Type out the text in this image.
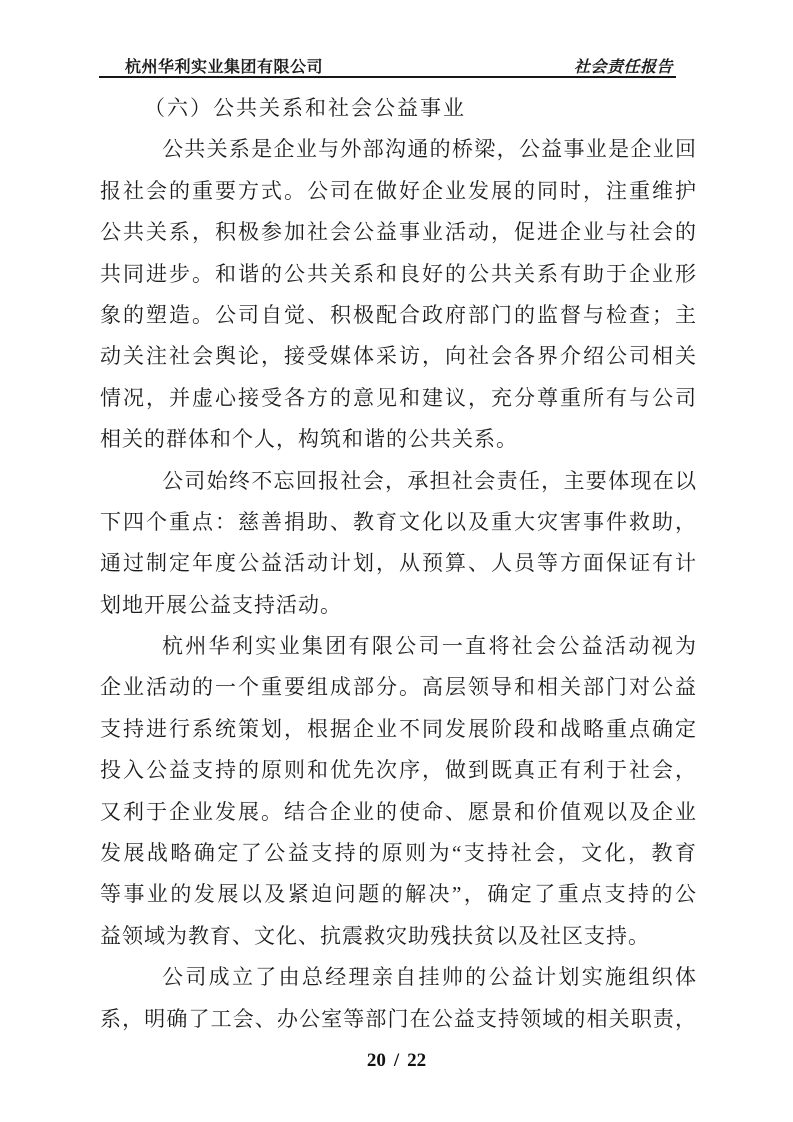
杭州华利实业集团有限公司	社会责任报告
（六）公共关系和社会公益事业
公共关系是企业与外部沟通的桥梁，公益事业是企业回
报社会的重要方式。公司在做好企业发展的同时，注重维护
公共关系，积极参加社会公益事业活动，促进企业与社会的
共同进步。和谐的公共关系和良好的公共关系有助于企业形
象的塑造。公司自觉、积极配合政府部门的监督与检查；主
动关注社会舆论，接受媒体采访，向社会各界介绍公司相关
情况，并虚心接受各方的意见和建议，充分尊重所有与公司
相关的群体和个人，构筑和谐的公共关系。
公司始终不忘回报社会，承担社会责任，主要体现在以
下四个重点：慈善捐助、教育文化以及重大灾害事件救助，
通过制定年度公益活动计划，从预算、人员等方面保证有计
划地开展公益支持活动。
杭州华利实业集团有限公司一直将社会公益活动视为
企业活动的一个重要组成部分。高层领导和相关部门对公益
支持进行系统策划，根据企业不同发展阶段和战略重点确定
投入公益支持的原则和优先次序，做到既真正有利于社会，
又利于企业发展。结合企业的使命、愿景和价值观以及企业
发展战略确定了公益支持的原则为“支持社会，文化，教育
等事业的发展以及紧迫问题的解决”，确定了重点支持的公
益领域为教育、文化、抗震救灾助残扶贫以及社区支持。
公司成立了由总经理亲自挂帅的公益计划实施组织体
系，明确了工会、办公室等部门在公益支持领域的相关职责，
20 / 22
